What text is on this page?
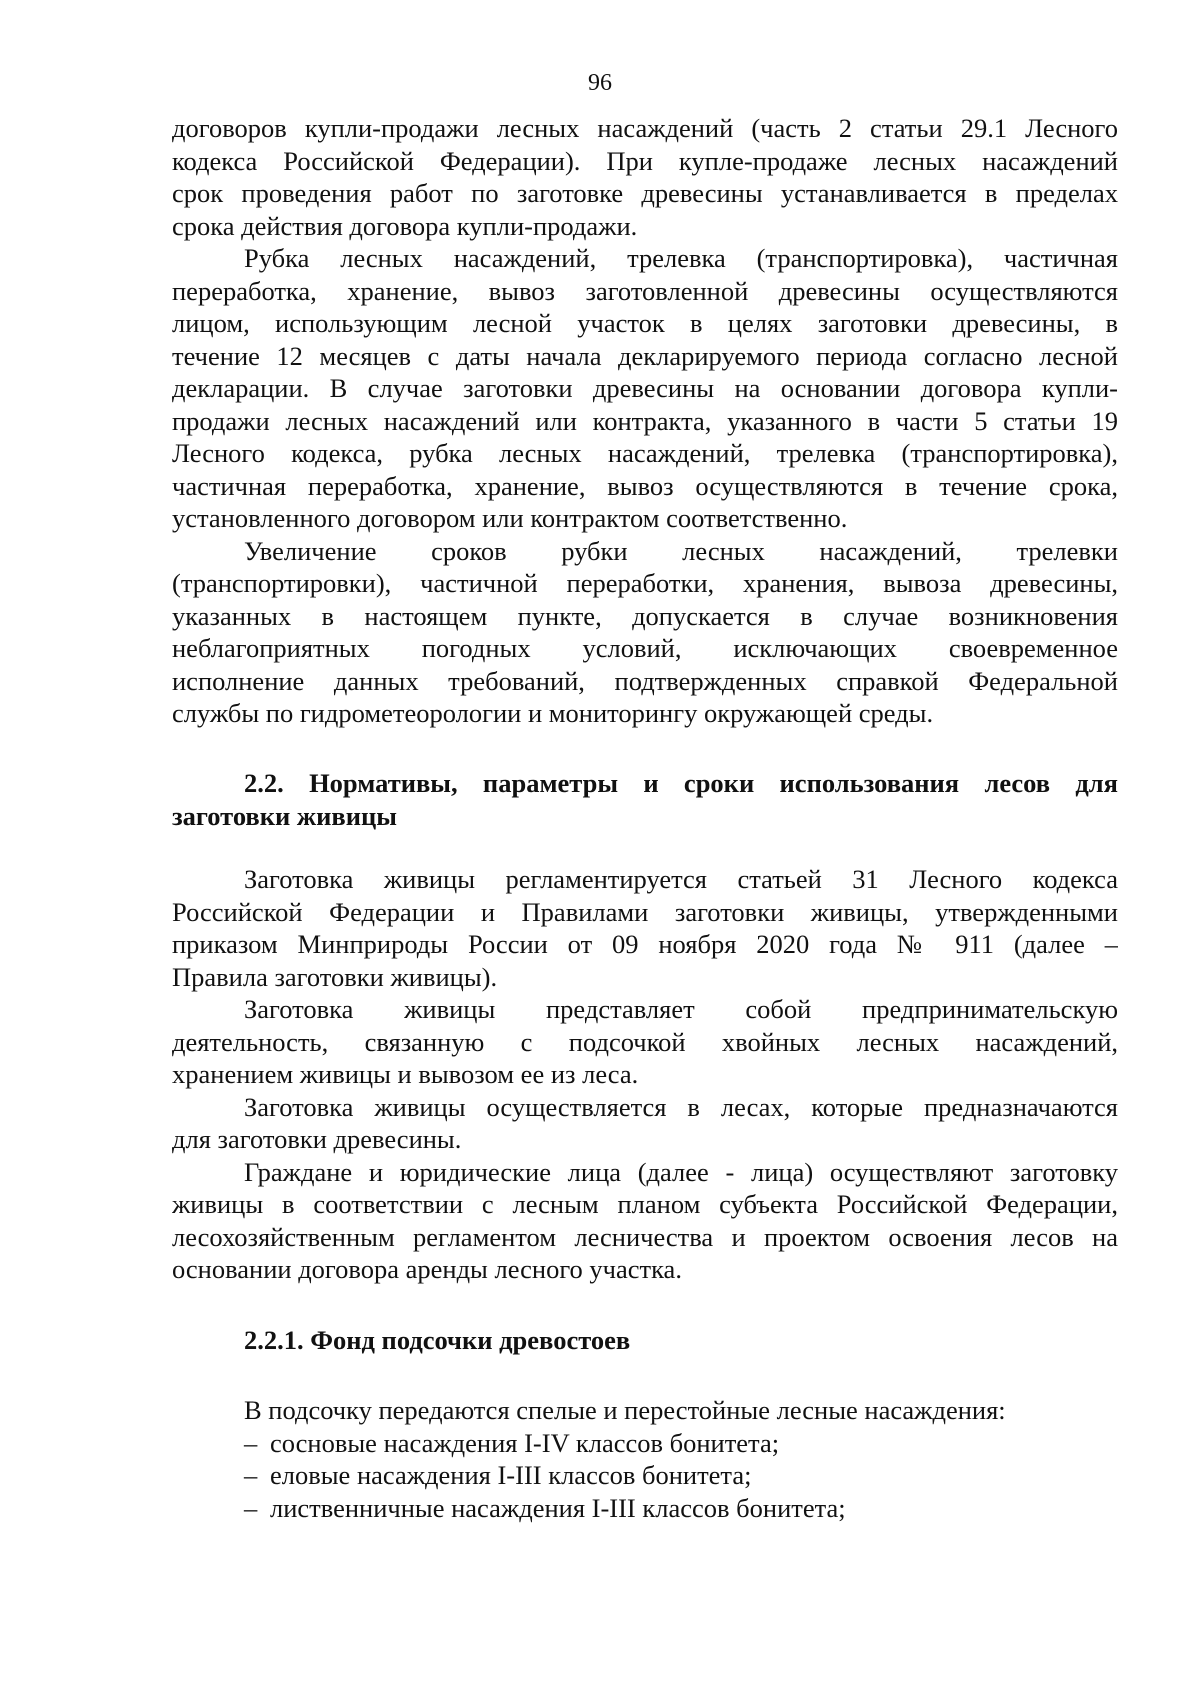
96
договоров купли-продажи лесных насаждений (часть 2 статьи 29.1 Лесного
кодекса Российской Федерации). При купле-продаже лесных насаждений
срок проведения работ по заготовке древесины устанавливается в пределах
срока действия договора купли-продажи.
Рубка лесных насаждений, трелевка (транспортировка), частичная
переработка, хранение, вывоз заготовленной древесины осуществляются
лицом, использующим лесной участок в целях заготовки древесины, в
течение 12 месяцев с даты начала декларируемого периода согласно лесной
декларации. В случае заготовки древесины на основании договора купли-
продажи лесных насаждений или контракта, указанного в части 5 статьи 19
Лесного кодекса, рубка лесных насаждений, трелевка (транспортировка),
частичная переработка, хранение, вывоз осуществляются в течение срока,
установленного договором или контрактом соответственно.
Увеличение сроков рубки лесных насаждений, трелевки
(транспортировки), частичной переработки, хранения, вывоза древесины,
указанных в настоящем пункте, допускается в случае возникновения
неблагоприятных погодных условий, исключающих своевременное
исполнение данных требований, подтвержденных справкой Федеральной
службы по гидрометеорологии и мониторингу окружающей среды.
2.2. Нормативы, параметры и сроки использования лесов для
заготовки живицы
Заготовка живицы регламентируется статьей 31 Лесного кодекса
Российской Федерации и Правилами заготовки живицы, утвержденными
приказом Минприроды России от 09 ноября 2020 года № 911 (далее –
Правила заготовки живицы).
Заготовка живицы представляет собой предпринимательскую
деятельность, связанную с подсочкой хвойных лесных насаждений,
хранением живицы и вывозом ее из леса.
Заготовка живицы осуществляется в лесах, которые предназначаются
для заготовки древесины.
Граждане и юридические лица (далее - лица) осуществляют заготовку
живицы в соответствии с лесным планом субъекта Российской Федерации,
лесохозяйственным регламентом лесничества и проектом освоения лесов на
основании договора аренды лесного участка.
2.2.1. Фонд подсочки древостоев
В подсочку передаются спелые и перестойные лесные насаждения:
– сосновые насаждения I-IV классов бонитета;
– еловые насаждения I-III классов бонитета;
– лиственничные насаждения I-III классов бонитета;
